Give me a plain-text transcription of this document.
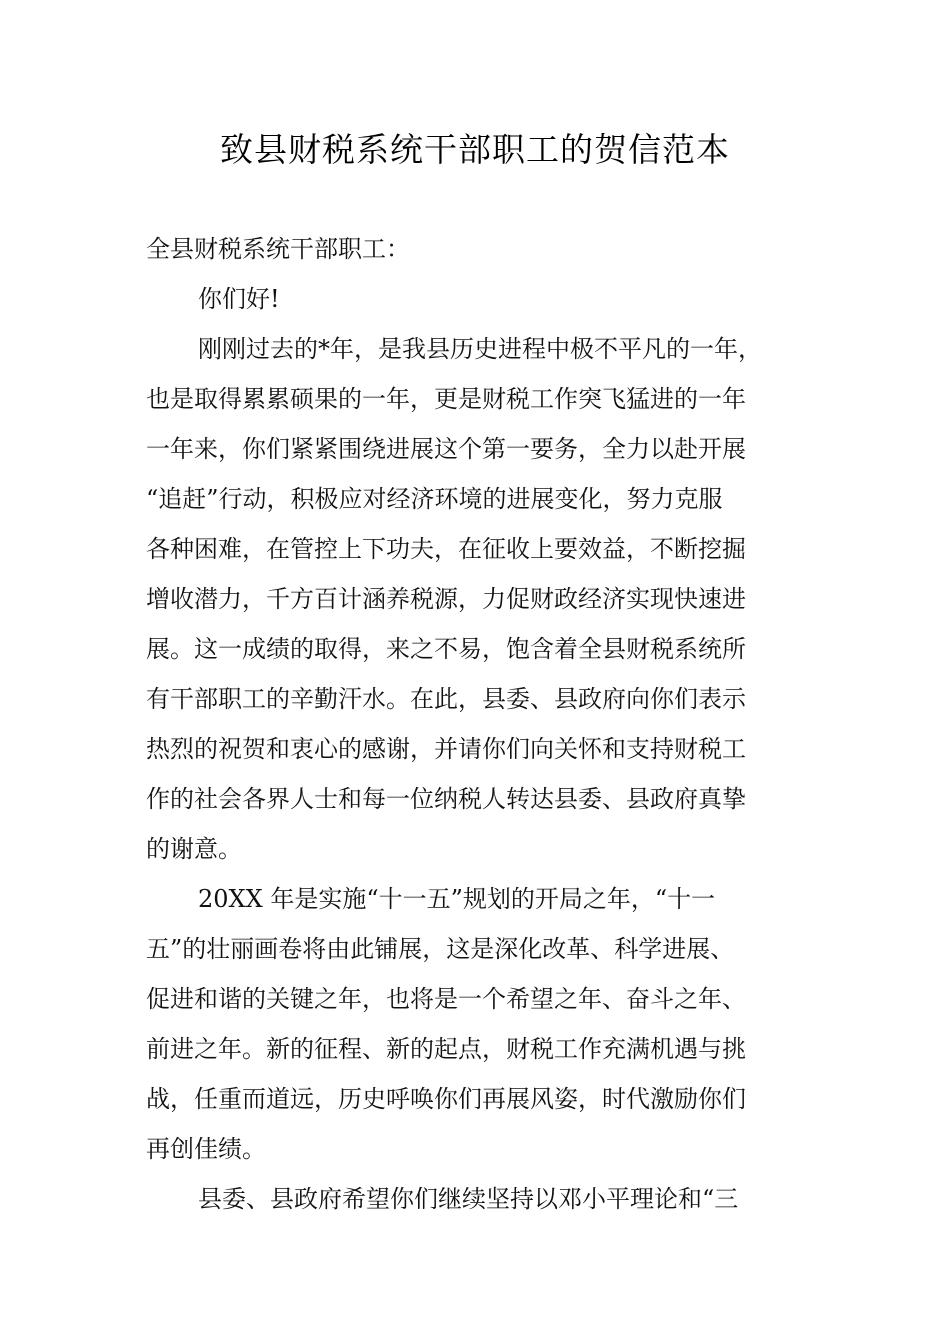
致县财税系统干部职工的贺信范本
全县财税系统干部职工：
你们好!
刚刚过去的*年，是我县历史进程中极不平凡的一年，
也是取得累累硕果的一年，更是财税工作突飞猛进的一年
一年来，你们紧紧围绕进展这个第一要务，全力以赴开展
“追赶”行动，积极应对经济环境的进展变化，努力克服
各种困难，在管控上下功夫，在征收上要效益，不断挖掘
增收潜力，千方百计涵养税源，力促财政经济实现快速进
展。这一成绩的取得，来之不易，饱含着全县财税系统所
有干部职工的辛勤汗水。在此，县委、县政府向你们表示
热烈的祝贺和衷心的感谢，并请你们向关怀和支持财税工
作的社会各界人士和每一位纳税人转达县委、县政府真挚
的谢意。
20XX 年是实施“十一五”规划的开局之年，“十一
五”的壮丽画卷将由此铺展，这是深化改革、科学进展、
促进和谐的关键之年，也将是一个希望之年、奋斗之年、
前进之年。新的征程、新的起点，财税工作充满机遇与挑
战，任重而道远，历史呼唤你们再展风姿，时代激励你们
再创佳绩。
县委、县政府希望你们继续坚持以邓小平理论和“三
